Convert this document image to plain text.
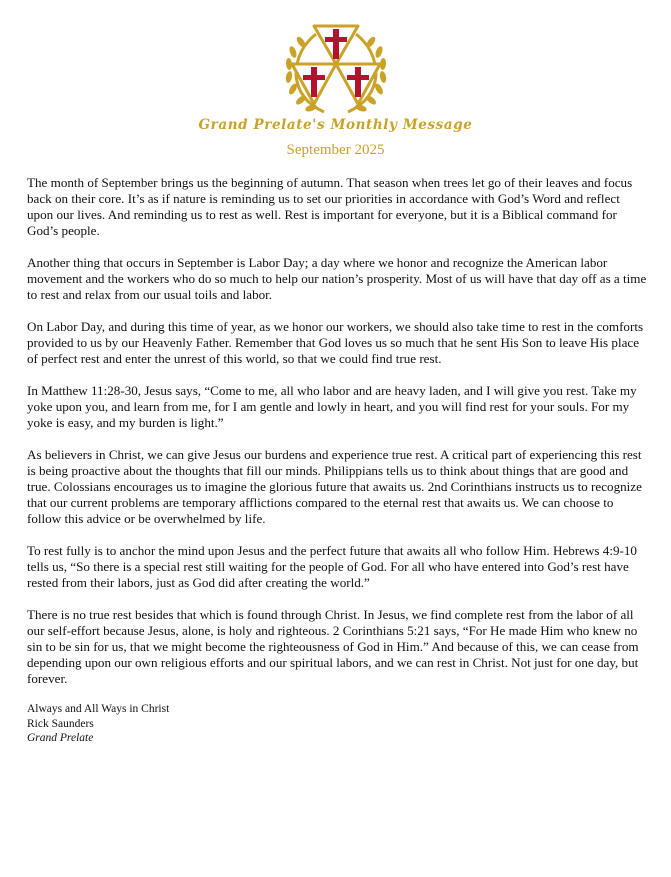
Grand Prelate's Monthly Message
September 2025

The month of September brings us the beginning of autumn. That season when trees let go of their leaves and focus back on their core. It’s as if nature is reminding us to set our priorities in accordance with God’s Word and reflect upon our lives. And reminding us to rest as well. Rest is important for everyone, but it is a Biblical command for God’s people.

Another thing that occurs in September is Labor Day; a day where we honor and recognize the American labor movement and the workers who do so much to help our nation’s prosperity. Most of us will have that day off as a time to rest and relax from our usual toils and labor.

On Labor Day, and during this time of year, as we honor our workers, we should also take time to rest in the comforts provided to us by our Heavenly Father. Remember that God loves us so much that he sent His Son to leave His place of perfect rest and enter the unrest of this world, so that we could find true rest.

In Matthew 11:28-30, Jesus says, “Come to me, all who labor and are heavy laden, and I will give you rest. Take my yoke upon you, and learn from me, for I am gentle and lowly in heart, and you will find rest for your souls. For my yoke is easy, and my burden is light.”

As believers in Christ, we can give Jesus our burdens and experience true rest. A critical part of experiencing this rest is being proactive about the thoughts that fill our minds. Philippians tells us to think about things that are good and true. Colossians encourages us to imagine the glorious future that awaits us. 2nd Corinthians instructs us to recognize that our current problems are temporary afflictions compared to the eternal rest that awaits us. We can choose to follow this advice or be overwhelmed by life.

To rest fully is to anchor the mind upon Jesus and the perfect future that awaits all who follow Him. Hebrews 4:9-10 tells us, “So there is a special rest still waiting for the people of God. For all who have entered into God’s rest have rested from their labors, just as God did after creating the world.”

There is no true rest besides that which is found through Christ. In Jesus, we find complete rest from the labor of all our self-effort because Jesus, alone, is holy and righteous. 2 Corinthians 5:21 says, “For He made Him who knew no sin to be sin for us, that we might become the righteousness of God in Him.” And because of this, we can cease from depending upon our own religious efforts and our spiritual labors, and we can rest in Christ. Not just for one day, but forever.

Always and All Ways in Christ
Rick Saunders
Grand Prelate
